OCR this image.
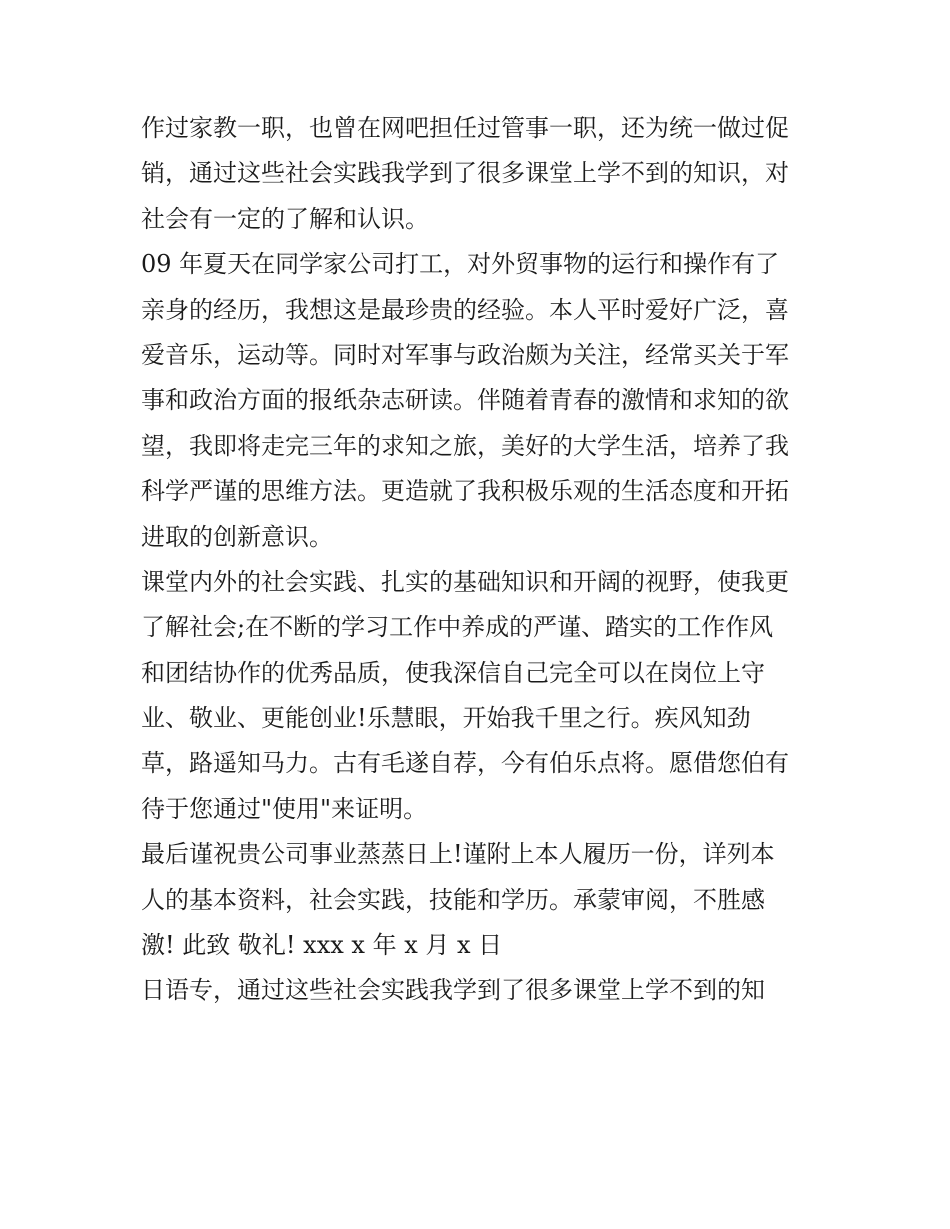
作过家教一职，也曾在网吧担任过管事一职，还为统一做过促
销，通过这些社会实践我学到了很多课堂上学不到的知识，对
社会有一定的了解和认识。
09 年夏天在同学家公司打工，对外贸事物的运行和操作有了
亲身的经历，我想这是最珍贵的经验。本人平时爱好广泛，喜
爱音乐，运动等。同时对军事与政治颇为关注，经常买关于军
事和政治方面的报纸杂志研读。伴随着青春的激情和求知的欲
望，我即将走完三年的求知之旅，美好的大学生活，培养了我
科学严谨的思维方法。更造就了我积极乐观的生活态度和开拓
进取的创新意识。
课堂内外的社会实践、扎实的基础知识和开阔的视野，使我更
了解社会;在不断的学习工作中养成的严谨、踏实的工作作风
和团结协作的优秀品质，使我深信自己完全可以在岗位上守
业、敬业、更能创业!乐慧眼，开始我千里之行。疾风知劲
草，路遥知马力。古有毛遂自荐，今有伯乐点将。愿借您伯有
待于您通过"使用"来证明。
最后谨祝贵公司事业蒸蒸日上!谨附上本人履历一份，详列本
人的基本资料，社会实践，技能和学历。承蒙审阅，不胜感
激! 此致 敬礼! xxx x 年 x 月 x 日
日语专，通过这些社会实践我学到了很多课堂上学不到的知
